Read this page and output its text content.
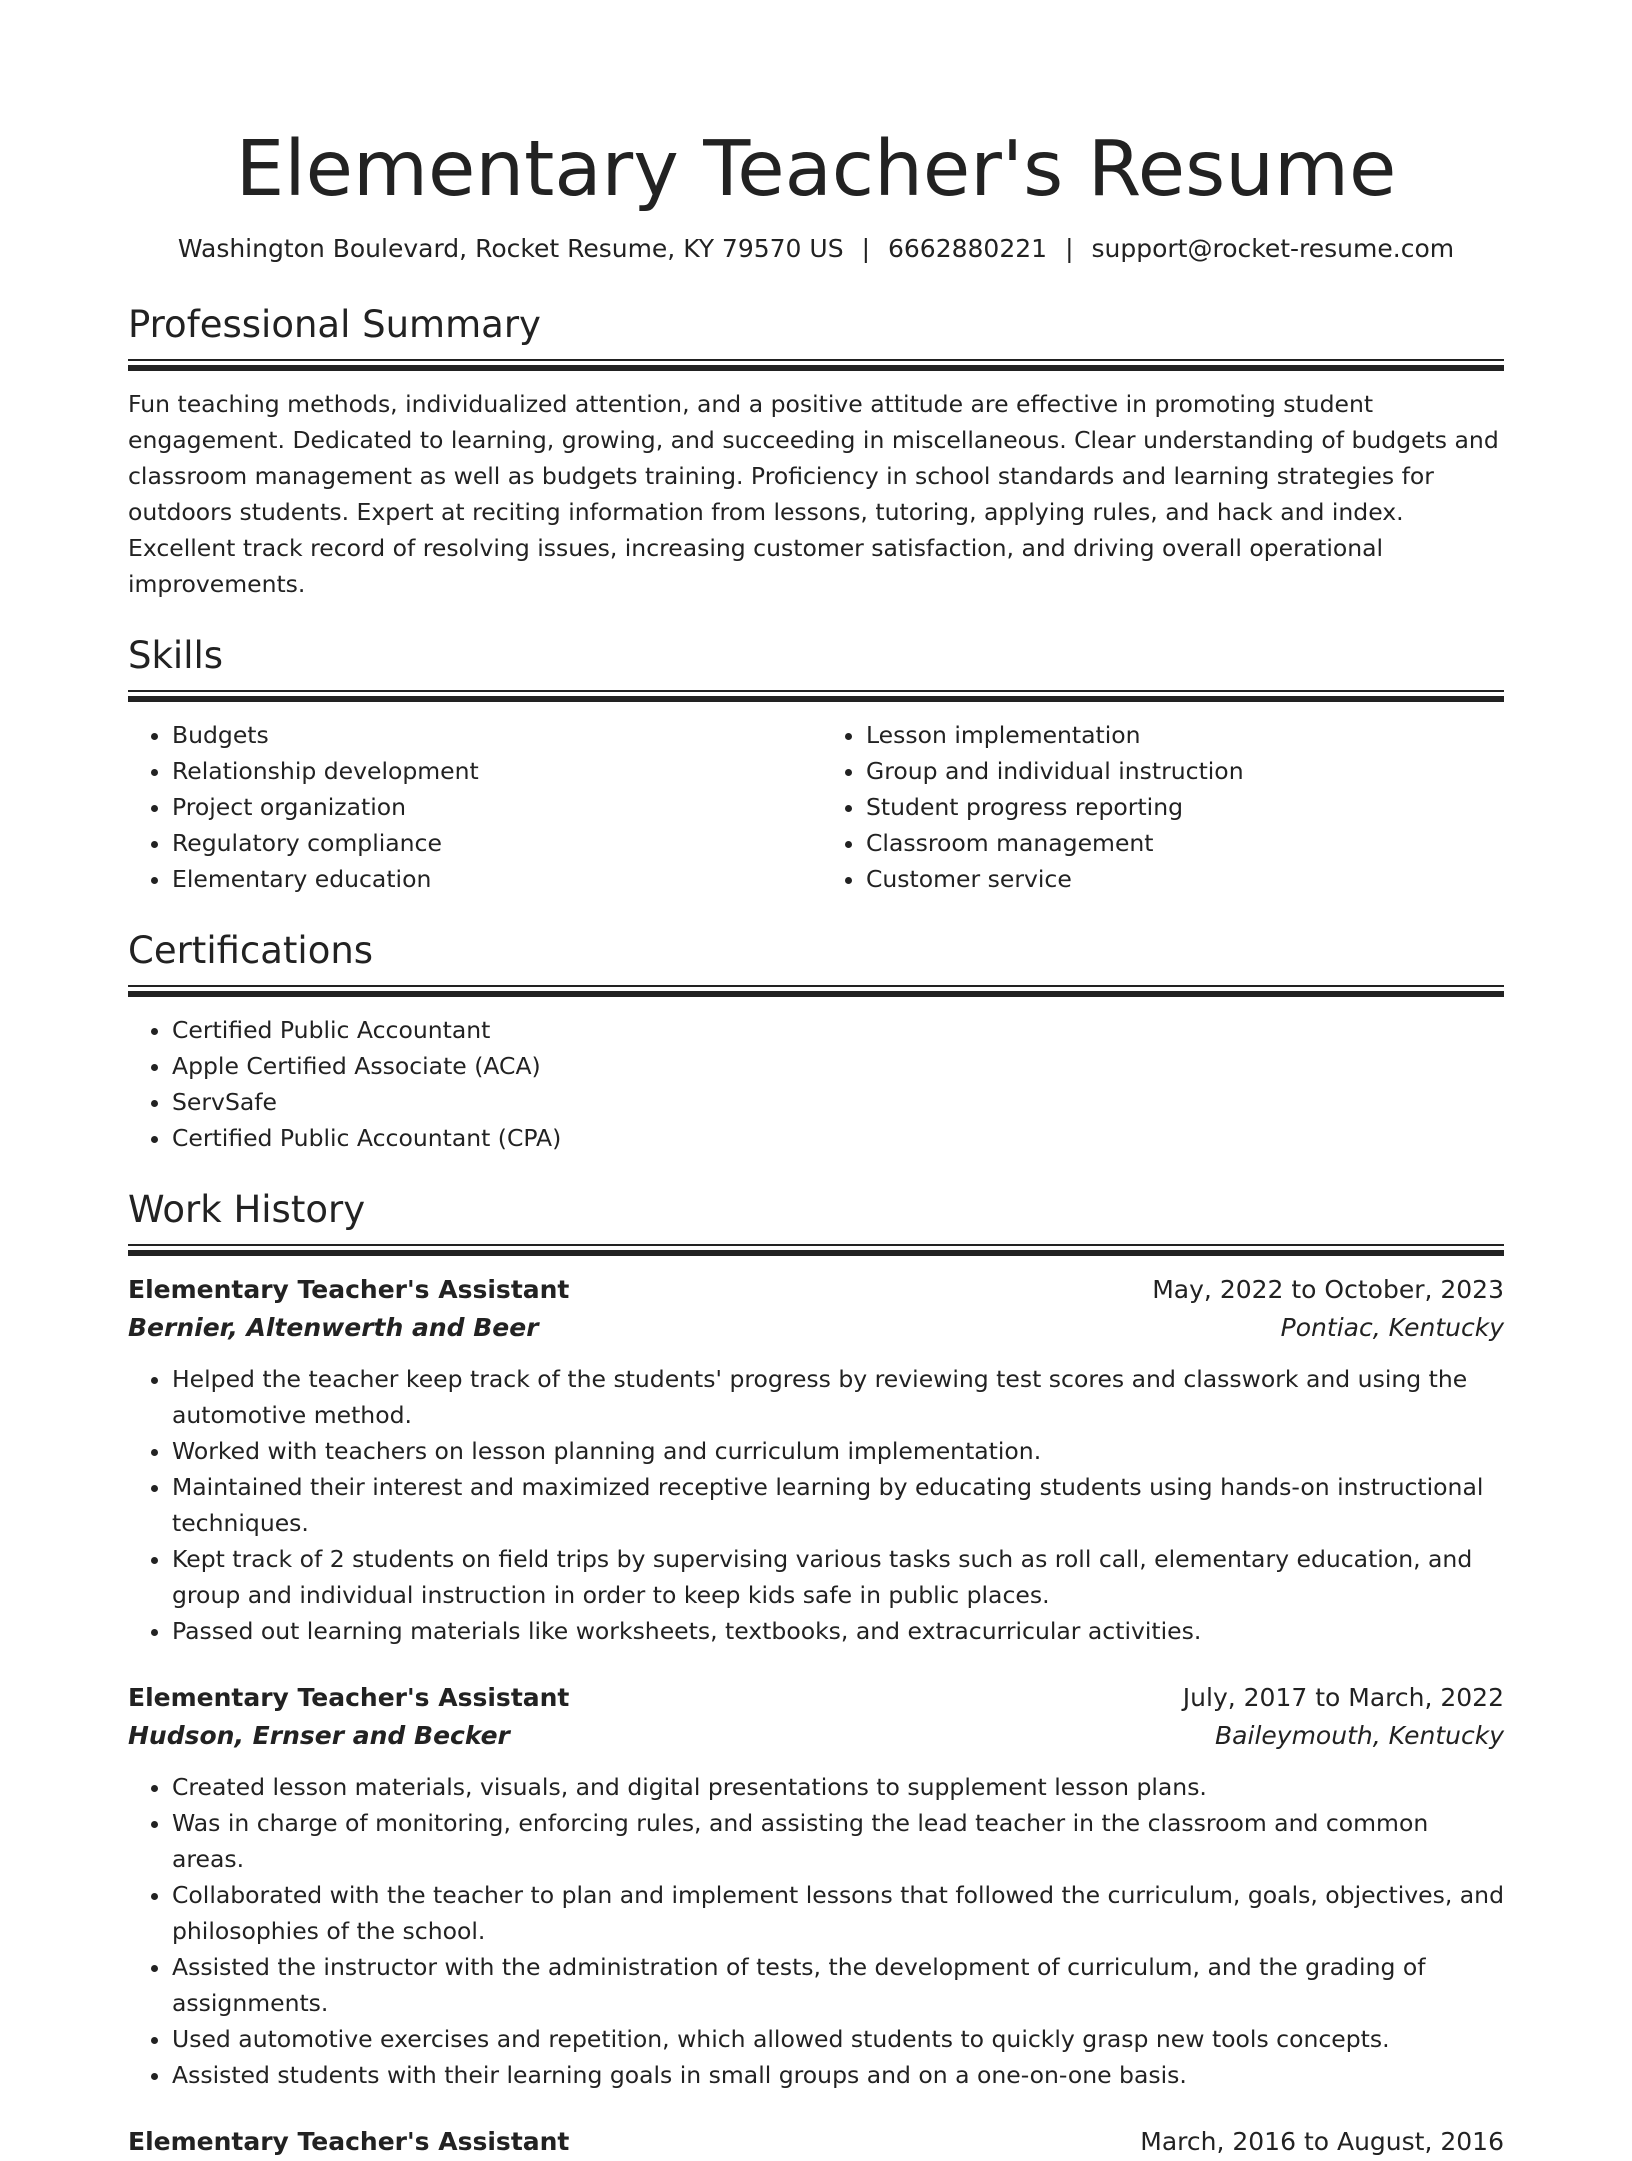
Elementary Teacher's Resume
Washington Boulevard, Rocket Resume, KY 79570 US | 6662880221 | support@rocket-resume.com
Professional Summary

Fun teaching methods, individualized attention, and a positive attitude are effective in promoting student engagement. Dedicated to learning, growing, and succeeding in miscellaneous. Clear understanding of budgets and classroom management as well as budgets training. Proficiency in school standards and learning strategies for outdoors students. Expert at reciting information from lessons, tutoring, applying rules, and hack and index. Excellent track record of resolving issues, increasing customer satisfaction, and driving overall operational improvements.

Skills
• Budgets
• Relationship development
• Project organization
• Regulatory compliance
• Elementary education
• Lesson implementation
• Group and individual instruction
• Student progress reporting
• Classroom management
• Customer service
Certifications
• Certified Public Accountant
• Apple Certified Associate (ACA)
• ServSafe
• Certified Public Accountant (CPA)
Work History
Elementary Teacher's Assistant	May, 2022 to October, 2023
Bernier, Altenwerth and Beer	Pontiac, Kentucky
• Helped the teacher keep track of the students' progress by reviewing test scores and classwork and using the automotive method.
• Worked with teachers on lesson planning and curriculum implementation.
• Maintained their interest and maximized receptive learning by educating students using hands-on instructional techniques.
• Kept track of 2 students on field trips by supervising various tasks such as roll call, elementary education, and group and individual instruction in order to keep kids safe in public places.
• Passed out learning materials like worksheets, textbooks, and extracurricular activities.
Elementary Teacher's Assistant	July, 2017 to March, 2022
Hudson, Ernser and Becker	Baileymouth, Kentucky
• Created lesson materials, visuals, and digital presentations to supplement lesson plans.
• Was in charge of monitoring, enforcing rules, and assisting the lead teacher in the classroom and common areas.
• Collaborated with the teacher to plan and implement lessons that followed the curriculum, goals, objectives, and philosophies of the school.
• Assisted the instructor with the administration of tests, the development of curriculum, and the grading of assignments.
• Used automotive exercises and repetition, which allowed students to quickly grasp new tools concepts.
• Assisted students with their learning goals in small groups and on a one-on-one basis.
Elementary Teacher's Assistant	March, 2016 to August, 2016
